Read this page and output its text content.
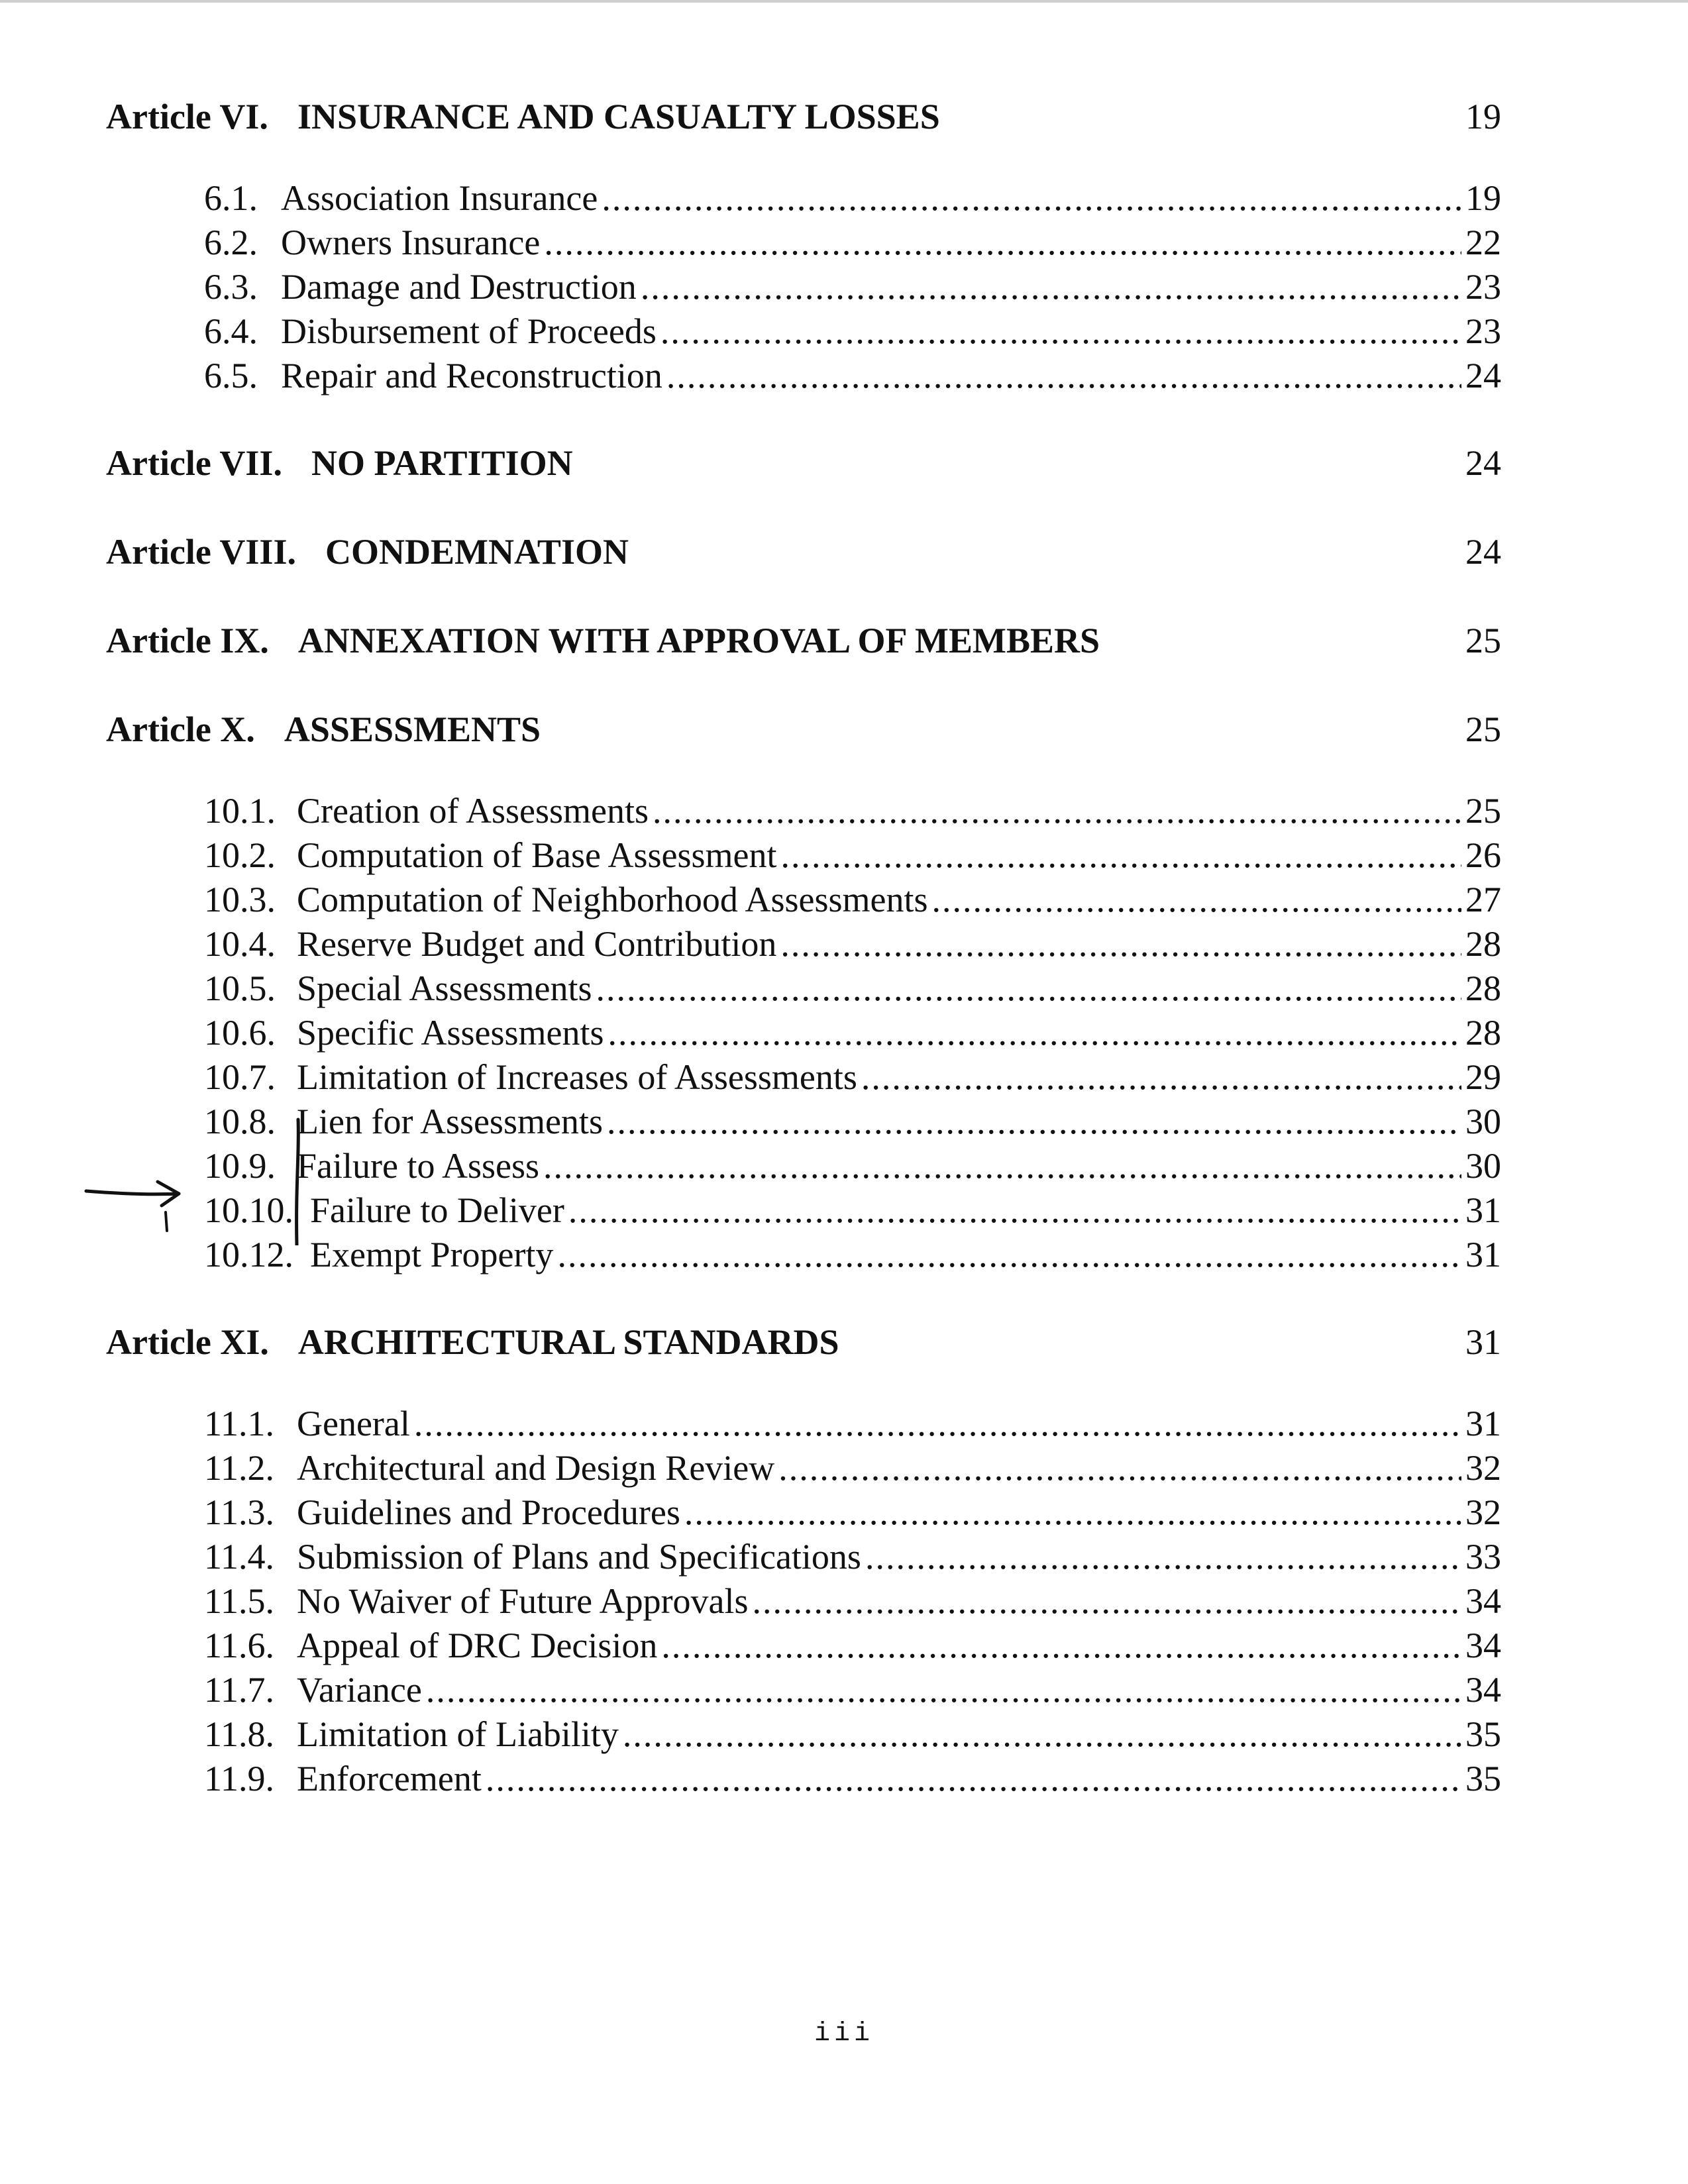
Article VI. INSURANCE AND CASUALTY LOSSES	19
6.1. Association Insurance .....	19
6.2. Owners Insurance .....	22
6.3. Damage and Destruction .....	23
6.4. Disbursement of Proceeds .....	23
6.5. Repair and Reconstruction .....	24
Article VII. NO PARTITION	24
Article VIII. CONDEMNATION	24
Article IX. ANNEXATION WITH APPROVAL OF MEMBERS	25
Article X. ASSESSMENTS	25
10.1. Creation of Assessments .....	25
10.2. Computation of Base Assessment .....	26
10.3. Computation of Neighborhood Assessments .....	27
10.4. Reserve Budget and Contribution .....	28
10.5. Special Assessments .....	28
10.6. Specific Assessments .....	28
10.7. Limitation of Increases of Assessments .....	29
10.8. Lien for Assessments .....	30
10.9. Failure to Assess .....	30
10.10. Failure to Deliver .....	31
10.12. Exempt Property .....	31
Article XI. ARCHITECTURAL STANDARDS	31
11.1. General .....	31
11.2. Architectural and Design Review .....	32
11.3. Guidelines and Procedures .....	32
11.4. Submission of Plans and Specifications .....	33
11.5. No Waiver of Future Approvals .....	34
11.6. Appeal of DRC Decision .....	34
11.7. Variance .....	34
11.8. Limitation of Liability .....	35
11.9. Enforcement .....	35
iii
